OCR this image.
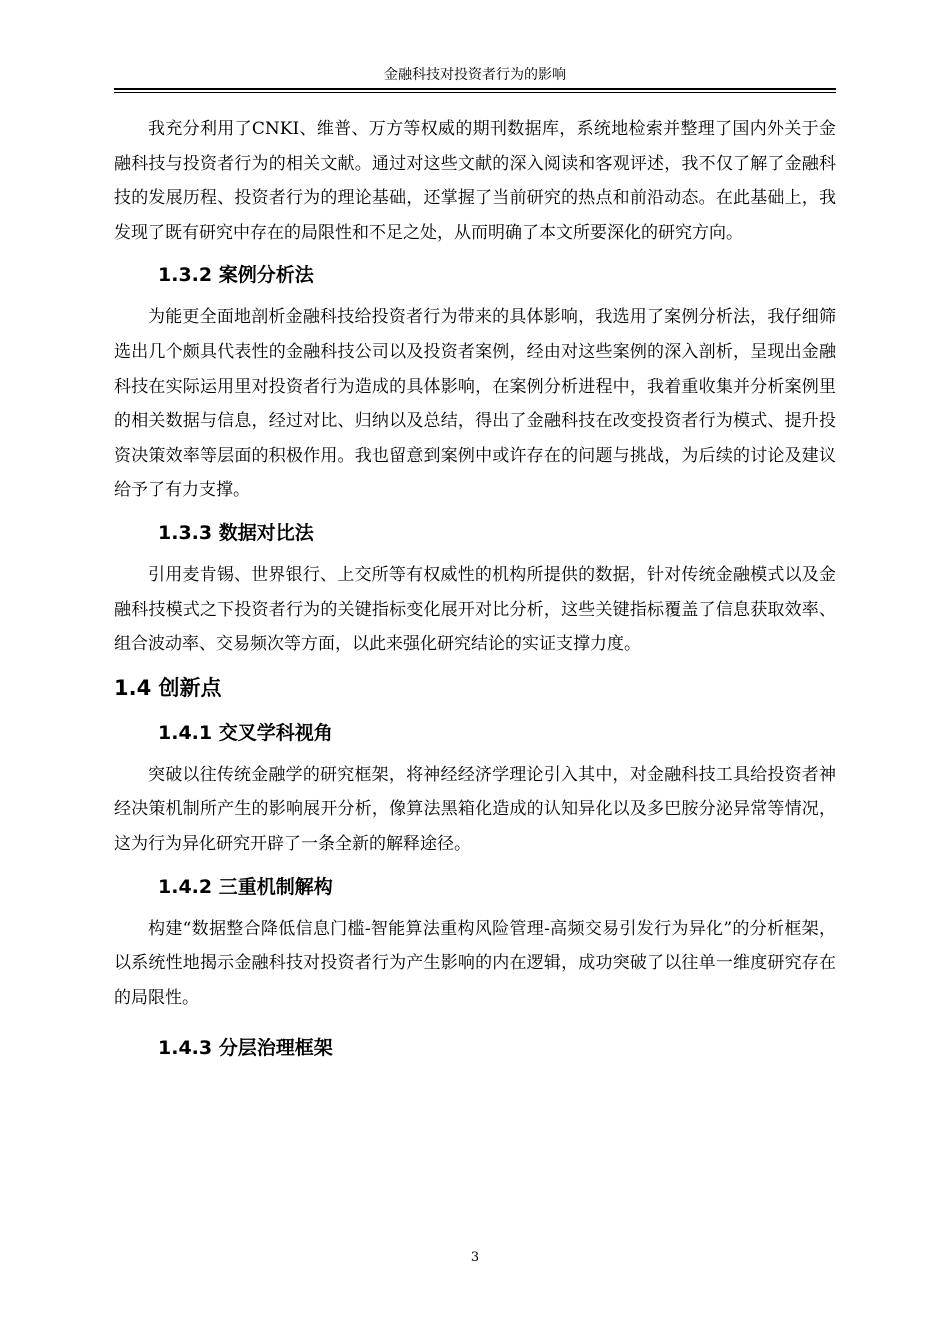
金融科技对投资者行为的影响

我充分利用了CNKI、维普、万方等权威的期刊数据库，系统地检索并整理了国内外关于金融科技与投资者行为的相关文献。通过对这些文献的深入阅读和客观评述，我不仅了解了金融科技的发展历程、投资者行为的理论基础，还掌握了当前研究的热点和前沿动态。在此基础上，我发现了既有研究中存在的局限性和不足之处，从而明确了本文所要深化的研究方向。

1.3.2 案例分析法

为能更全面地剖析金融科技给投资者行为带来的具体影响，我选用了案例分析法，我仔细筛选出几个颇具代表性的金融科技公司以及投资者案例，经由对这些案例的深入剖析，呈现出金融科技在实际运用里对投资者行为造成的具体影响，在案例分析进程中，我着重收集并分析案例里的相关数据与信息，经过对比、归纳以及总结，得出了金融科技在改变投资者行为模式、提升投资决策效率等层面的积极作用。我也留意到案例中或许存在的问题与挑战，为后续的讨论及建议给予了有力支撑。

1.3.3 数据对比法

引用麦肯锡、世界银行、上交所等有权威性的机构所提供的数据，针对传统金融模式以及金融科技模式之下投资者行为的关键指标变化展开对比分析，这些关键指标覆盖了信息获取效率、组合波动率、交易频次等方面，以此来强化研究结论的实证支撑力度。

1.4 创新点
1.4.1 交叉学科视角

突破以往传统金融学的研究框架，将神经经济学理论引入其中，对金融科技工具给投资者神经决策机制所产生的影响展开分析，像算法黑箱化造成的认知异化以及多巴胺分泌异常等情况，这为行为异化研究开辟了一条全新的解释途径。

1.4.2 三重机制解构

构建“数据整合降低信息门槛-智能算法重构风险管理-高频交易引发行为异化”的分析框架，以系统性地揭示金融科技对投资者行为产生影响的内在逻辑，成功突破了以往单一维度研究存在的局限性。

1.4.3 分层治理框架
3
